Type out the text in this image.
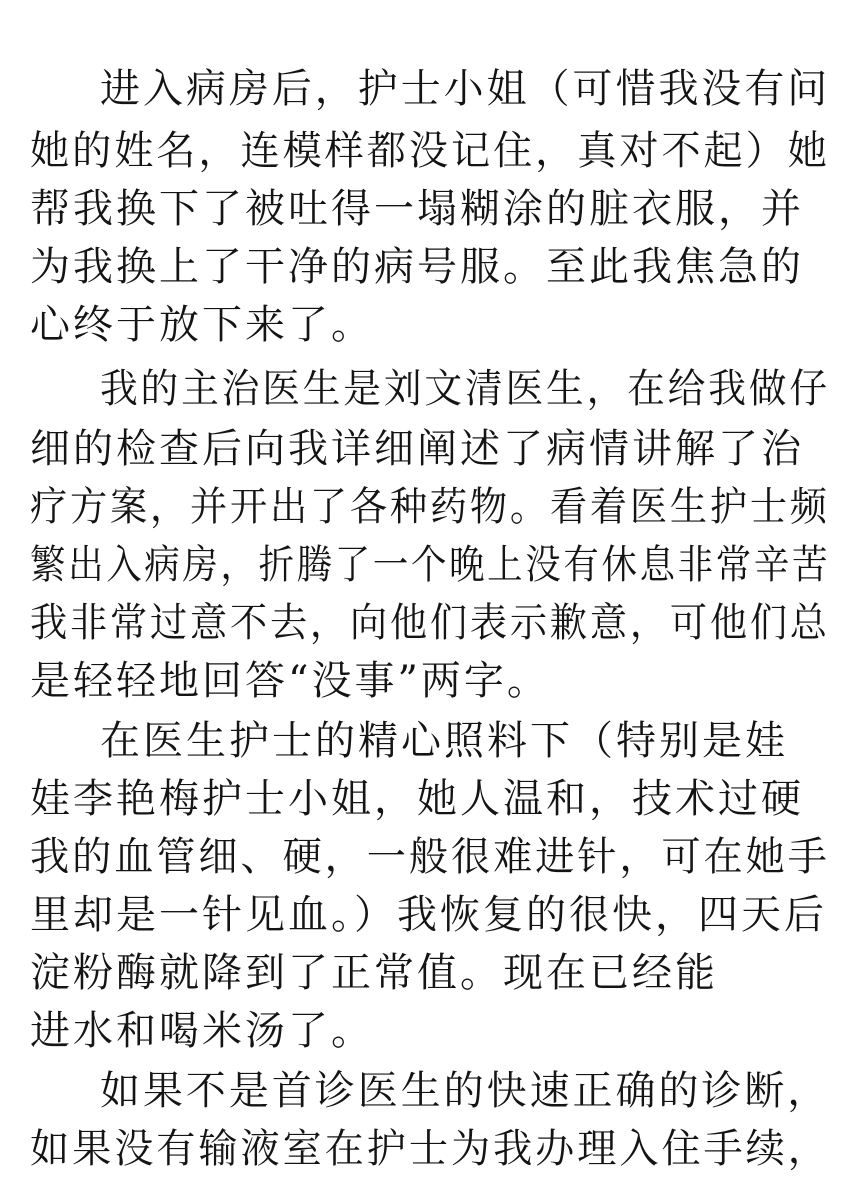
进入病房后，护士小姐（可惜我没有问
她的姓名，连模样都没记住，真对不起）她
帮我换下了被吐得一塌糊涂的脏衣服，并
为我换上了干净的病号服。至此我焦急的
心终于放下来了。
我的主治医生是刘文清医生，在给我做仔
细的检查后向我详细阐述了病情讲解了治
疗方案，并开出了各种药物。看着医生护士频
繁出入病房，折腾了一个晚上没有休息非常辛苦
我非常过意不去，向他们表示歉意，可他们总
是轻轻地回答“没事”两字。
在医生护士的精心照料下（特别是娃
娃李艳梅护士小姐，她人温和，技术过硬
我的血管细、硬，一般很难进针，可在她手
里却是一针见血。）我恢复的很快，四天后
淀粉酶就降到了正常值。现在已经能
进水和喝米汤了。
如果不是首诊医生的快速正确的诊断，
如果没有输液室在护士为我办理入住手续，
